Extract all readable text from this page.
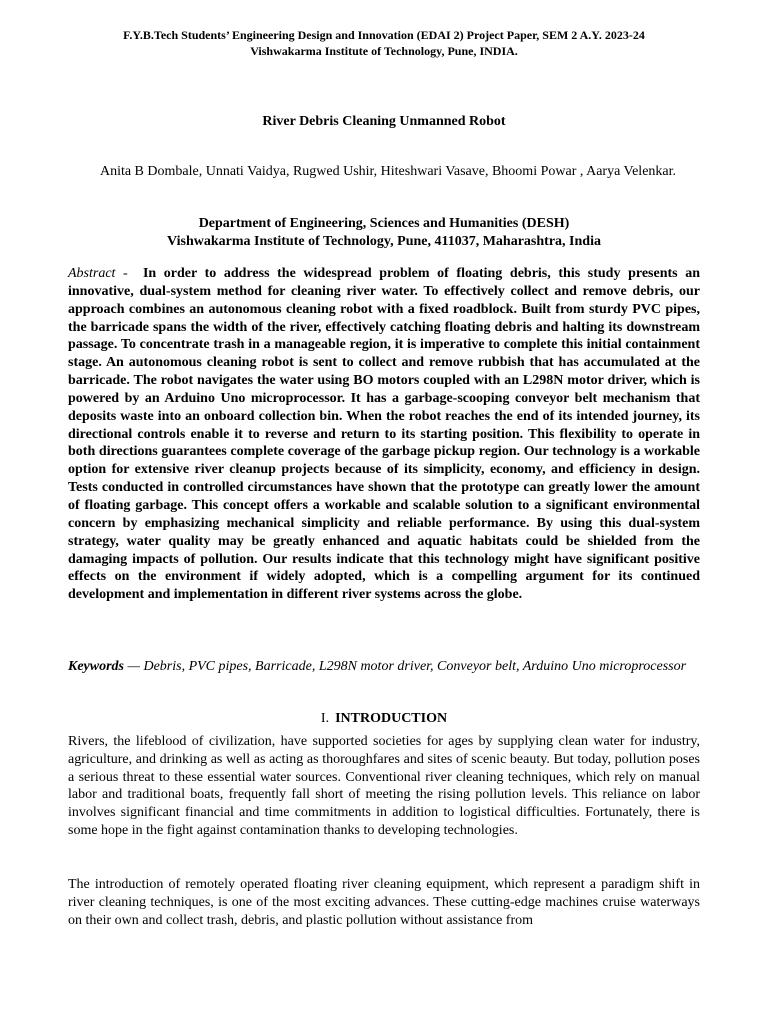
F.Y.B.Tech Students’ Engineering Design and Innovation (EDAI 2) Project Paper, SEM 2 A.Y. 2023-24
Vishwakarma Institute of Technology, Pune, INDIA.
River Debris Cleaning Unmanned Robot
Anita B Dombale, Unnati Vaidya, Rugwed Ushir, Hiteshwari Vasave, Bhoomi Powar , Aarya Velenkar.
Department of Engineering, Sciences and Humanities (DESH)
Vishwakarma Institute of Technology, Pune, 411037, Maharashtra, India

Abstract - In order to address the widespread problem of floating debris, this study presents an innovative, dual-system method for cleaning river water. To effectively collect and remove debris, our approach combines an autonomous cleaning robot with a fixed roadblock. Built from sturdy PVC pipes, the barricade spans the width of the river, effectively catching floating debris and halting its downstream passage. To concentrate trash in a manageable region, it is imperative to complete this initial containment stage. An autonomous cleaning robot is sent to collect and remove rubbish that has accumulated at the barricade. The robot navigates the water using BO motors coupled with an L298N motor driver, which is powered by an Arduino Uno microprocessor. It has a garbage-scooping conveyor belt mechanism that deposits waste into an onboard collection bin. When the robot reaches the end of its intended journey, its directional controls enable it to reverse and return to its starting position. This flexibility to operate in both directions guarantees complete coverage of the garbage pickup region. Our technology is a workable option for extensive river cleanup projects because of its simplicity, economy, and efficiency in design. Tests conducted in controlled circumstances have shown that the prototype can greatly lower the amount of floating garbage. This concept offers a workable and scalable solution to a significant environmental concern by emphasizing mechanical simplicity and reliable performance. By using this dual-system strategy, water quality may be greatly enhanced and aquatic habitats could be shielded from the damaging impacts of pollution. Our results indicate that this technology might have significant positive effects on the environment if widely adopted, which is a compelling argument for its continued development and implementation in different river systems across the globe.

Keywords — Debris, PVC pipes, Barricade, L298N motor driver, Conveyor belt, Arduino Uno microprocessor

I. INTRODUCTION

Rivers, the lifeblood of civilization, have supported societies for ages by supplying clean water for industry, agriculture, and drinking as well as acting as thoroughfares and sites of scenic beauty. But today, pollution poses a serious threat to these essential water sources. Conventional river cleaning techniques, which rely on manual labor and traditional boats, frequently fall short of meeting the rising pollution levels. This reliance on labor involves significant financial and time commitments in addition to logistical difficulties. Fortunately, there is some hope in the fight against contamination thanks to developing technologies.

The introduction of remotely operated floating river cleaning equipment, which represent a paradigm shift in river cleaning techniques, is one of the most exciting advances. These cutting-edge machines cruise waterways on their own and collect trash, debris, and plastic pollution without assistance from
